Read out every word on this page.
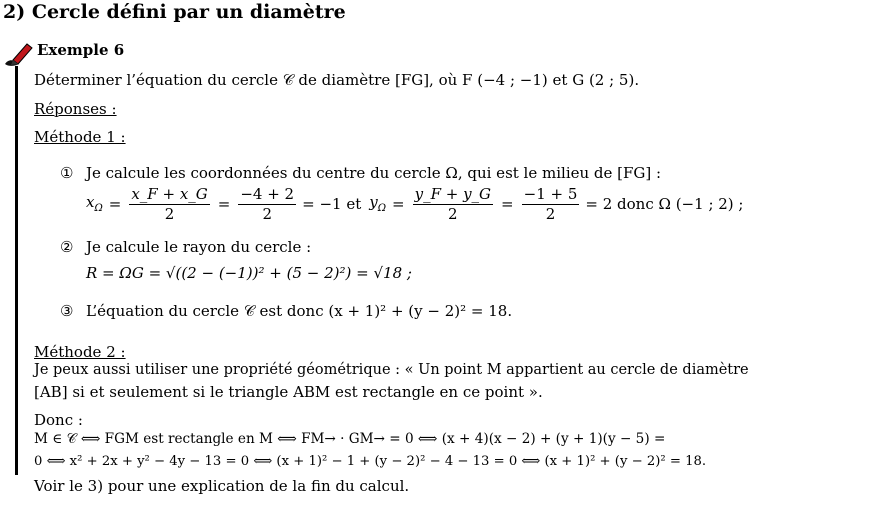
2) Cercle défini par un diamètre
Exemple 6
Déterminer l’équation du cercle 𝒞 de diamètre [FG], où F (−4 ; −1) et G (2 ; 5).
Réponses :
Méthode 1 :
① Je calcule les coordonnées du centre du cercle Ω, qui est le milieu de [FG] :
$x_\Omega = \frac{x\_F + x\_G}{2} = \frac{-4 + 2}{2} = -1$ et $y_\Omega = \frac{y\_F + y\_G}{2} = \frac{-1 + 5}{2} = 2$ donc Ω (−1 ; 2) ;
② Je calcule le rayon du cercle :
R = ΩG = √((2 − (−1))² + (5 − 2)²) = √18 ;
③ L’équation du cercle 𝒞 est donc (x + 1)² + (y − 2)² = 18.
Méthode 2 :
Je peux aussi utiliser une propriété géométrique : « Un point M appartient au cercle de diamètre
[AB] si et seulement si le triangle ABM est rectangle en ce point ».
Donc :
M ∈ 𝒞 ⟺ FGM est rectangle en M ⟺ FM→ · GM→ = 0 ⟺ (x + 4)(x − 2) + (y + 1)(y − 5) =
0 ⟺ x² + 2x + y² − 4y − 13 = 0 ⟺ (x + 1)² − 1 + (y − 2)² − 4 − 13 = 0 ⟺ (x + 1)² + (y − 2)² = 18.
Voir le 3) pour une explication de la fin du calcul.
